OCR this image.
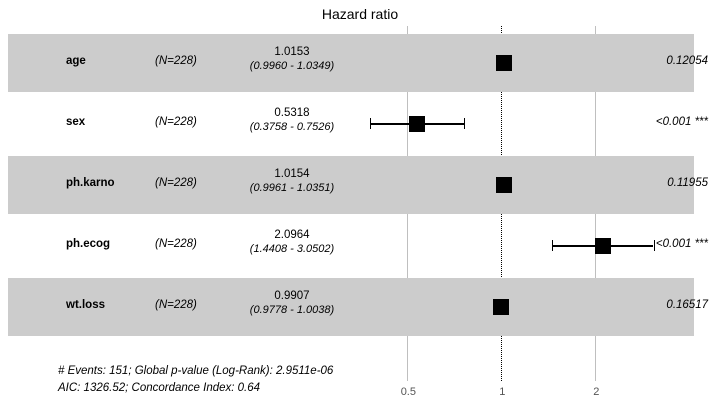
Hazard ratio
0.5	1	2
age	(N=228)
1.0153
(0.9960 - 1.0349)	0.12054
sex	(N=228)
0.5318
(0.3758 - 0.7526)	<0.001 ***
ph.karno	(N=228)
1.0154
(0.9961 - 1.0351)	0.11955
ph.ecog	(N=228)
2.0964
(1.4408 - 3.0502)	<0.001 ***
wt.loss	(N=228)
0.9907
(0.9778 - 1.0038)	0.16517
# Events: 151; Global p-value (Log-Rank): 2.9511e-06
AIC: 1326.52; Concordance Index: 0.64
